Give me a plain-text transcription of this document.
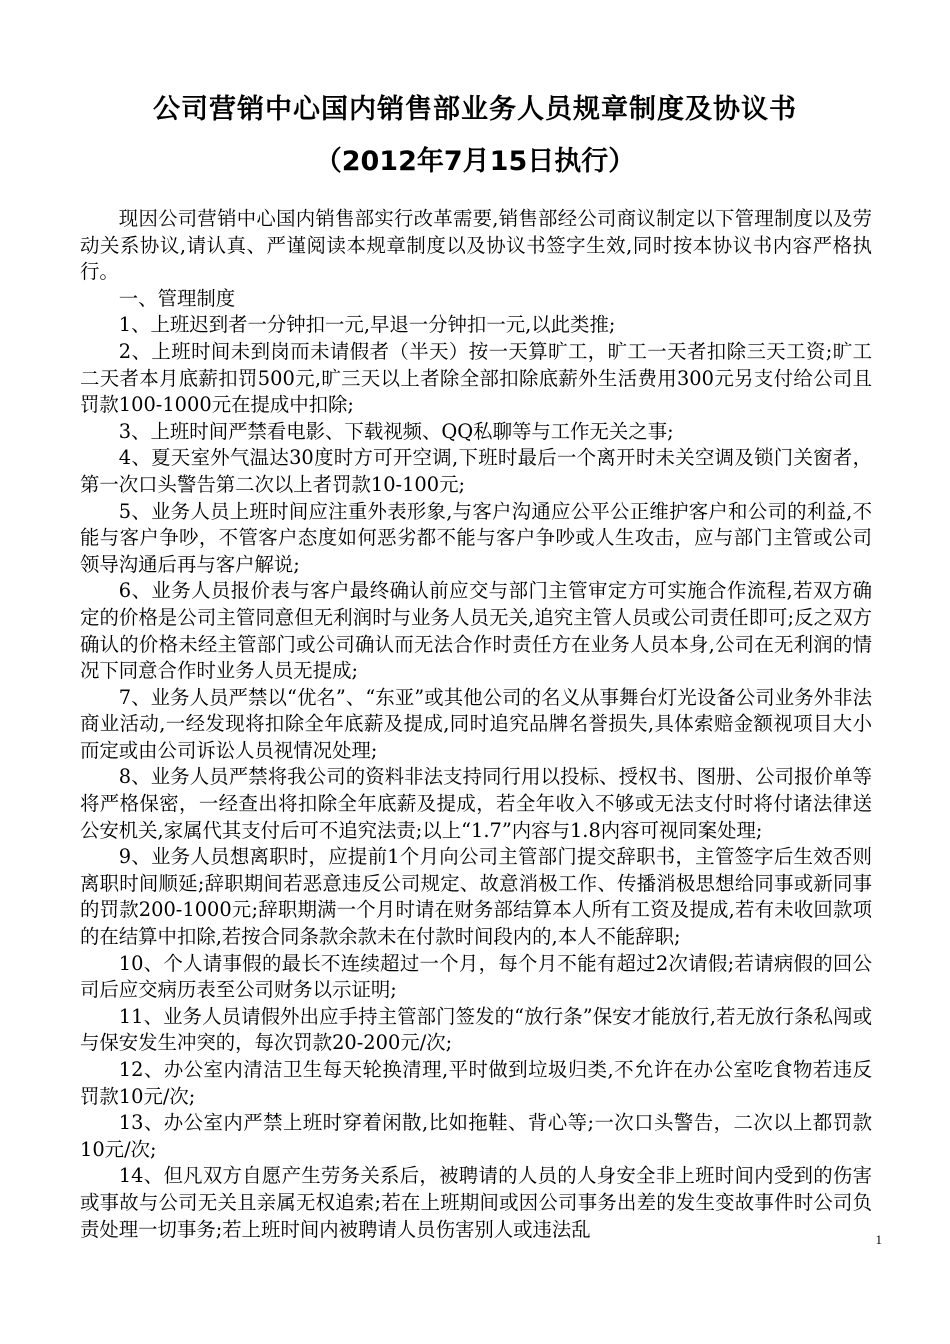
公司营销中心国内销售部业务人员规章制度及协议书
（2012年7月15日执行）

现因公司营销中心国内销售部实行改革需要,销售部经公司商议制定以下管理制度以及劳动关系协议,请认真、严谨阅读本规章制度以及协议书签字生效,同时按本协议书内容严格执行。

一、管理制度

1、上班迟到者一分钟扣一元,早退一分钟扣一元,以此类推;

2、上班时间未到岗而未请假者（半天）按一天算旷工，旷工一天者扣除三天工资;旷工二天者本月底薪扣罚500元,旷三天以上者除全部扣除底薪外生活费用300元另支付给公司且罚款100-1000元在提成中扣除;

3、上班时间严禁看电影、下载视频、QQ私聊等与工作无关之事;

4、夏天室外气温达30度时方可开空调,下班时最后一个离开时未关空调及锁门关窗者，第一次口头警告第二次以上者罚款10-100元;

5、业务人员上班时间应注重外表形象,与客户沟通应公平公正维护客户和公司的利益,不能与客户争吵，不管客户态度如何恶劣都不能与客户争吵或人生攻击，应与部门主管或公司领导沟通后再与客户解说;

6、业务人员报价表与客户最终确认前应交与部门主管审定方可实施合作流程,若双方确定的价格是公司主管同意但无利润时与业务人员无关,追究主管人员或公司责任即可;反之双方确认的价格未经主管部门或公司确认而无法合作时责任方在业务人员本身,公司在无利润的情况下同意合作时业务人员无提成;

7、业务人员严禁以“优名”、“东亚”或其他公司的名义从事舞台灯光设备公司业务外非法商业活动,一经发现将扣除全年底薪及提成,同时追究品牌名誉损失,具体索赔金额视项目大小而定或由公司诉讼人员视情况处理;

8、业务人员严禁将我公司的资料非法支持同行用以投标、授权书、图册、公司报价单等将严格保密，一经查出将扣除全年底薪及提成，若全年收入不够或无法支付时将付诸法律送公安机关,家属代其支付后可不追究法责;以上“1.7”内容与1.8内容可视同案处理;

9、业务人员想离职时，应提前1个月向公司主管部门提交辞职书，主管签字后生效否则离职时间顺延;辞职期间若恶意违反公司规定、故意消极工作、传播消极思想给同事或新同事的罚款200-1000元;辞职期满一个月时请在财务部结算本人所有工资及提成,若有未收回款项的在结算中扣除,若按合同条款余款未在付款时间段内的,本人不能辞职;

10、个人请事假的最长不连续超过一个月，每个月不能有超过2次请假;若请病假的回公司后应交病历表至公司财务以示证明;

11、业务人员请假外出应手持主管部门签发的“放行条”保安才能放行,若无放行条私闯或与保安发生冲突的，每次罚款20-200元/次;

12、办公室内清洁卫生每天轮换清理,平时做到垃圾归类,不允许在办公室吃食物若违反罚款10元/次;

13、办公室内严禁上班时穿着闲散,比如拖鞋、背心等;一次口头警告，二次以上都罚款10元/次;

14、但凡双方自愿产生劳务关系后，被聘请的人员的人身安全非上班时间内受到的伤害或事故与公司无关且亲属无权追索;若在上班期间或因公司事务出差的发生变故事件时公司负责处理一切事务;若上班时间内被聘请人员伤害别人或违法乱	1
